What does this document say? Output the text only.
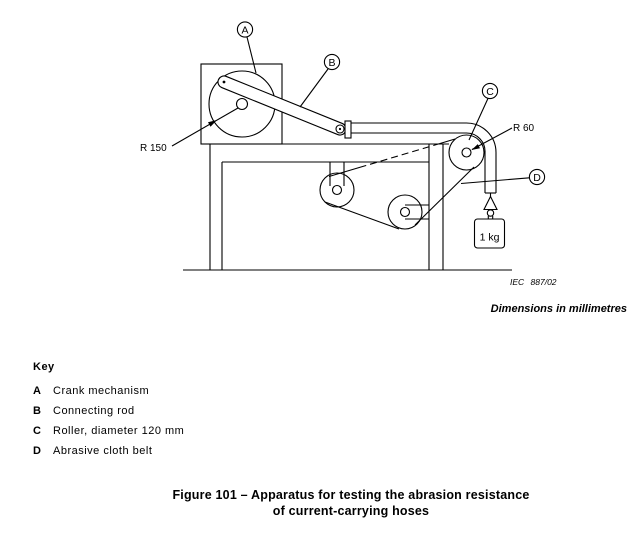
A
B
C
D
R 150
R 60
1 kg
IEC 887/02
Dimensions in millimetres
Key
A	Crank mechanism
B	Connecting rod
C	Roller, diameter 120 mm
D	Abrasive cloth belt
Figure 101 – Apparatus for testing the abrasion resistance
of current-carrying hoses
